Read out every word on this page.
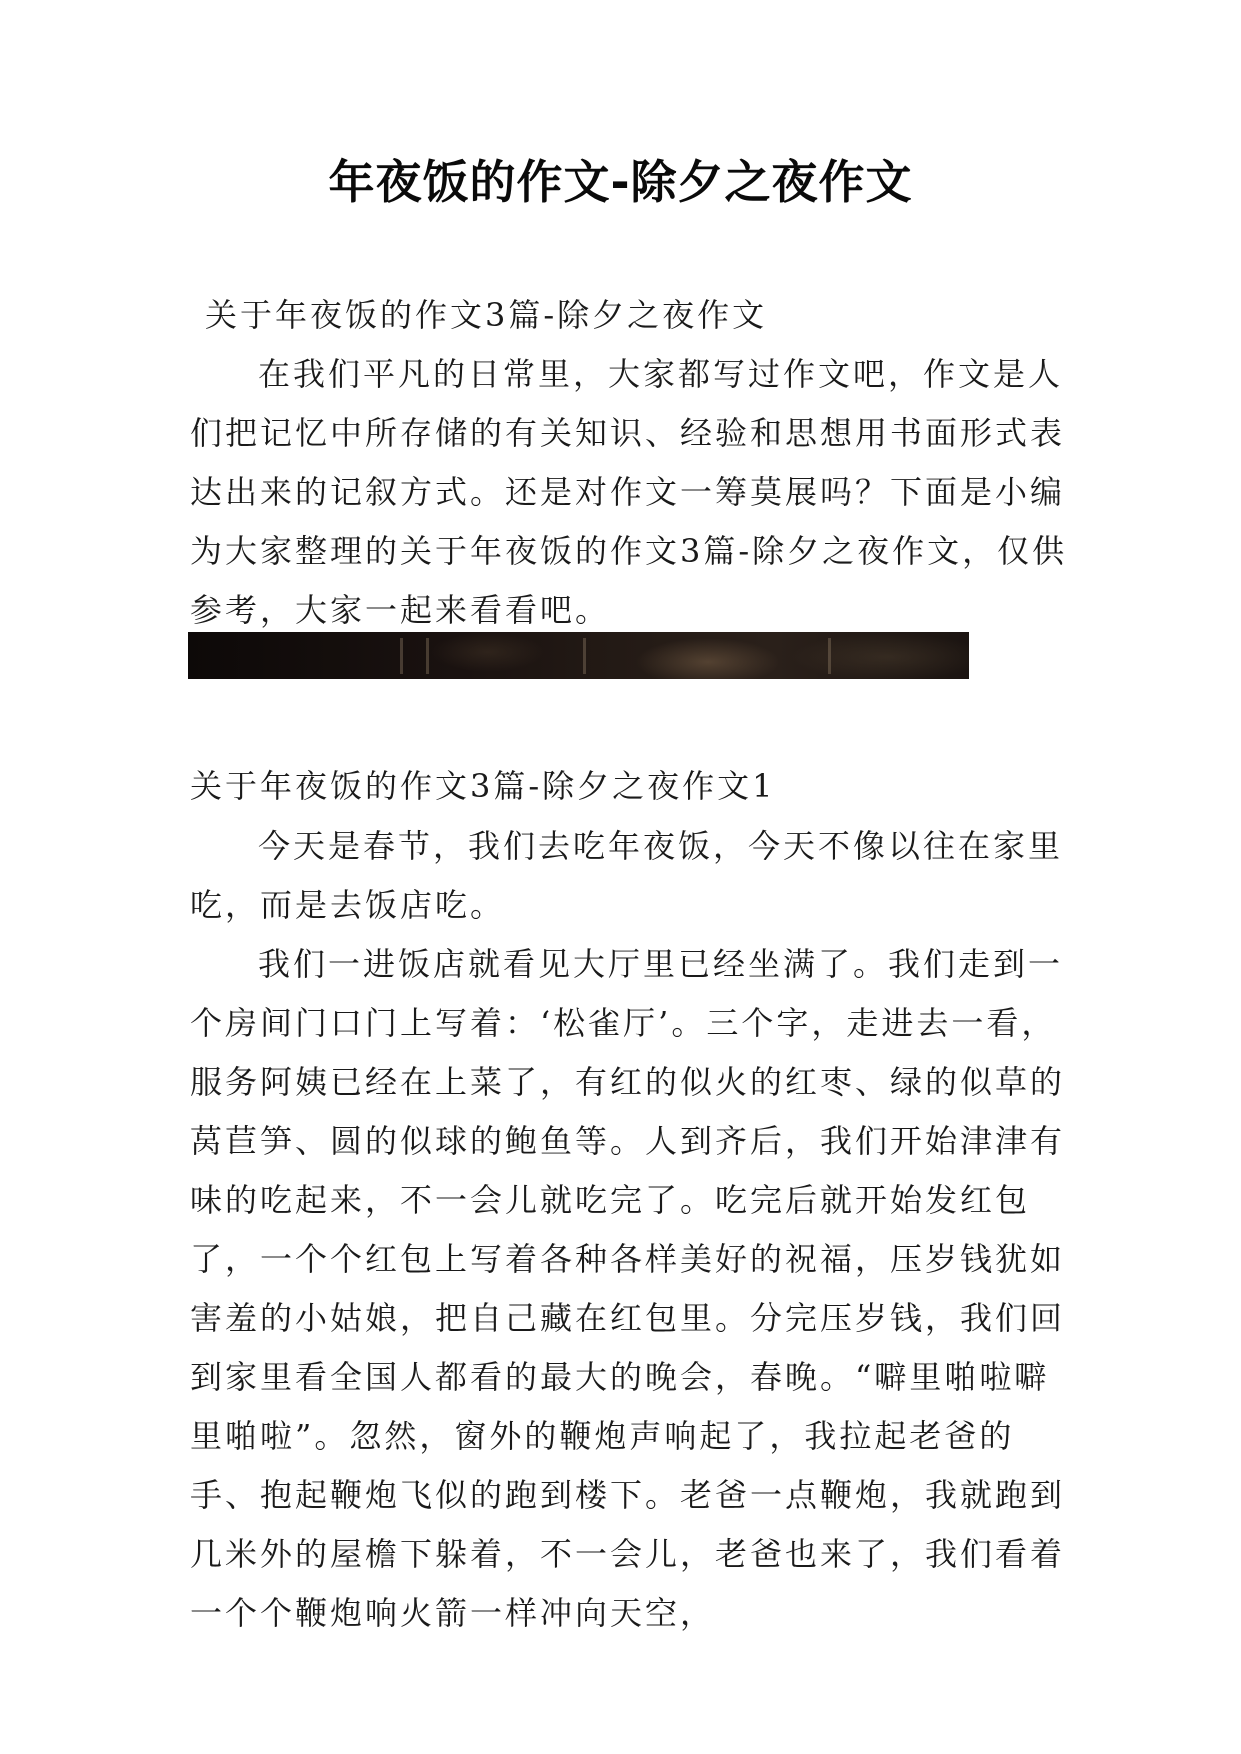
年夜饭的作文-除夕之夜作文
关于年夜饭的作文3篇-除夕之夜作文

在我们平凡的日常里，大家都写过作文吧，作文是人们把记忆中所存储的有关知识、经验和思想用书面形式表达出来的记叙方式。还是对作文一筹莫展吗？下面是小编为大家整理的关于年夜饭的作文3篇-除夕之夜作文，仅供参考，大家一起来看看吧。

关于年夜饭的作文3篇-除夕之夜作文1

今天是春节，我们去吃年夜饭，今天不像以往在家里吃，而是去饭店吃。

我们一进饭店就看见大厅里已经坐满了。我们走到一个房间门口门上写着：‘松雀厅’。三个字，走进去一看，服务阿姨已经在上菜了，有红的似火的红枣、绿的似草的莴苣笋、圆的似球的鲍鱼等。人到齐后，我们开始津津有味的吃起来，不一会儿就吃完了。吃完后就开始发红包了，一个个红包上写着各种各样美好的祝福，压岁钱犹如害羞的小姑娘，把自己藏在红包里。分完压岁钱，我们回到家里看全国人都看的最大的晚会，春晚。“噼里啪啦噼里啪啦”。忽然，窗外的鞭炮声响起了，我拉起老爸的手、抱起鞭炮飞似的跑到楼下。老爸一点鞭炮，我就跑到几米外的屋檐下躲着，不一会儿，老爸也来了，我们看着一个个鞭炮响火箭一样冲向天空，
